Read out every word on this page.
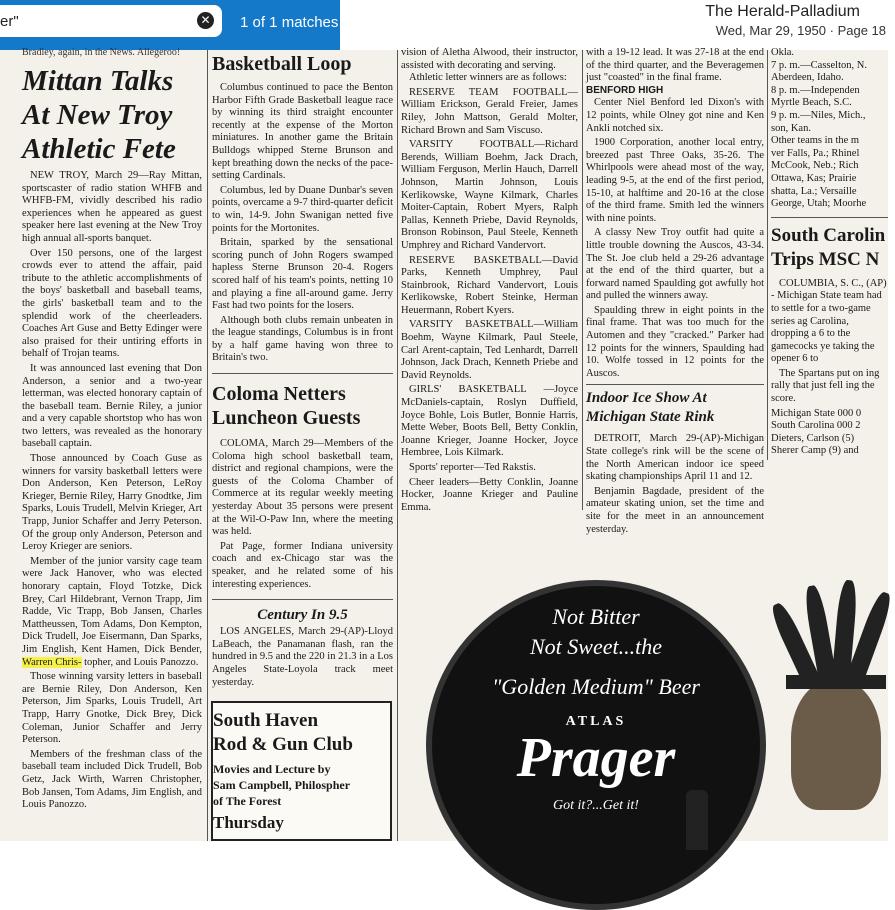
er"	✕ 1 of 1 matches
The Herald-Palladium
Wed, Mar 29, 1950 · Page 18
Bradley, again, in the News. Allegeroo!
Mittan Talks
At New Troy
Athletic Fete
NEW TROY, March 29—Ray Mittan, sportscaster of radio station WHFB and WHFB-FM, vividly described his radio experiences when he appeared as guest speaker here last evening at the New Troy high annual all-sports banquet.
Over 150 persons, one of the largest crowds ever to attend the affair, paid tribute to the athletic accomplishments of the boys' basketball and baseball teams, the girls' basketball team and to the splendid work of the cheerleaders. Coaches Art Guse and Betty Edinger were also praised for their untiring efforts in behalf of Trojan teams.
It was announced last evening that Don Anderson, a senior and a two-year letterman, was elected honorary captain of the baseball team. Bernie Riley, a junior and a very capable shortstop who has won two letters, was revealed as the honorary baseball captain.
Those announced by Coach Guse as winners for varsity basketball letters were Don Anderson, Ken Peterson, LeRoy Krieger, Bernie Riley, Harry Gnodtke, Jim Sparks, Louis Trudell, Melvin Krieger, Art Trapp, Junior Schaffer and Jerry Peterson. Of the group only Anderson, Peterson and Leroy Krieger are seniors.
Member of the junior varsity cage team were Jack Hanover, who was elected honorary captain, Floyd Totzke, Dick Brey, Carl Hildebrant, Vernon Trapp, Jim Radde, Vic Trapp, Bob Jansen, Charles Mattheussen, Tom Adams, Don Kempton, Dick Trudell, Joe Eisermann, Dan Sparks, Jim English, Kent Hamen, Dick Bender, Warren Chris- topher, and Louis Panozzo.
Those winning varsity letters in baseball are Bernie Riley, Don Anderson, Ken Peterson, Jim Sparks, Louis Trudell, Art Trapp, Harry Gnotke, Dick Brey, Dick Coleman, Junior Schaffer and Jerry Peterson.
Members of the freshman class of the baseball team included Dick Trudell, Bob Getz, Jack Wirth, Warren Christopher, Bob Jansen, Tom Adams, Jim English, and Louis Panozzo.
Basketball Loop
Columbus continued to pace the Benton Harbor Fifth Grade Basketball league race by winning its third straight encounter recently at the expense of the Morton miniatures. In another game the Britain Bulldogs whipped Sterne Brunson and kept breathing down the necks of the pace-setting Cardinals.
Columbus, led by Duane Dunbar's seven points, overcame a 9-7 third-quarter deficit to win, 14-9. John Swanigan netted five points for the Mortonites.
Britain, sparked by the sensational scoring punch of John Rogers swamped hapless Sterne Brunson 20-4. Rogers scored half of his team's points, netting 10 and playing a fine all-around game. Jerry Fast had two points for the losers.
Although both clubs remain unbeaten in the league standings, Columbus is in front by a half game having won three to Britain's two.
Coloma Netters
Luncheon Guests
COLOMA, March 29—Members of the Coloma high school basketball team, district and regional champions, were the guests of the Coloma Chamber of Commerce at its regular weekly meeting yesterday About 35 persons were present at the Wil-O-Paw Inn, where the meeting was held.
Pat Page, former Indiana university coach and ex-Chicago star was the speaker, and he related some of his interesting experiences.
Century In 9.5
LOS ANGELES, March 29-(AP)-Lloyd LaBeach, the Panamanan flash, ran the hundred in 9.5 and the 220 in 21.3 in a Los Angeles State-Loyola track meet yesterday.
South Haven
Rod & Gun Club
Movies and Lecture by
Sam Campbell, Philospher
of The Forest
Thursday
vision of Aletha Alwood, their instructor, assisted with decorating and serving.
Athletic letter winners are as follows:
RESERVE TEAM FOOTBALL—William Erickson, Gerald Freier, James Riley, John Mattson, Gerald Molter, Richard Brown and Sam Viscuso.
VARSITY FOOTBALL—Richard Berends, William Boehm, Jack Drach, William Ferguson, Merlin Hauch, Darrell Johnson, Martin Johnson, Louis Kerlikowske, Wayne Kilmark, Charles Moiter-Captain, Robert Myers, Ralph Pallas, Kenneth Priebe, David Reynolds, Bronson Robinson, Paul Steele, Kenneth Umphrey and Richard Vandervort.
RESERVE BASKETBALL—David Parks, Kenneth Umphrey, Paul Stainbrook, Richard Vandervort, Louis Kerlikowske, Robert Steinke, Herman Heuermann, Robert Kyers.
VARSITY BASKETBALL—William Boehm, Wayne Kilmark, Paul Steele, Carl Arent-captain, Ted Lenhardt, Darrell Johnson, Jack Drach, Kenneth Priebe and David Reynolds.
GIRLS' BASKETBALL —Joyce McDaniels-captain, Roslyn Duffield, Joyce Bohle, Lois Butler, Bonnie Harris, Mette Weber, Boots Bell, Betty Conklin, Joanne Krieger, Joanne Hocker, Joyce Hembree, Lois Kilmark.
Sports' reporter—Ted Rakstis.
Cheer leaders—Betty Conklin, Joanne Hocker, Joanne Krieger and Pauline Emma.
with a 19-12 lead. It was 27-18 at the end of the third quarter, and the Beveragemen just "coasted" in the final frame.
BENFORD HIGH
Center Niel Benford led Dixon's with 12 points, while Olney got nine and Ken Ankli notched six.
1900 Corporation, another local entry, breezed past Three Oaks, 35-26. The Whirlpools were ahead most of the way, leading 9-5, at the end of the first period, 15-10, at halftime and 20-16 at the close of the third frame. Smith led the winners with nine points.
A classy New Troy outfit had quite a little trouble downing the Auscos, 43-34. The St. Joe club held a 29-26 advantage at the end of the third quarter, but a forward named Spaulding got awfully hot and pulled the winners away.
Spaulding threw in eight points in the final frame. That was too much for the Automen and they "cracked." Parker had 12 points for the winners, Spaulding had 10. Wolfe tossed in 12 points for the Auscos.
Indoor Ice Show At
Michigan State Rink
DETROIT, March 29-(AP)-Michigan State college's rink will be the scene of the North American indoor ice speed skating championships April 11 and 12.
Benjamin Bagdade, president of the amateur skating union, set the time and site for the meet in an announcement yesterday.
Okla.
7 p. m.—Casselton, N.
Aberdeen, Idaho.
8 p. m.—Independen
Myrtle Beach, S.C.
9 p. m.—Niles, Mich.,
son, Kan.
Other teams in the m
ver Falls, Pa.; Rhinel
McCook, Neb.; Rich
Ottawa, Kas; Prairie
shatta, La.; Versaille
George, Utah; Moorhe
South Carolin
Trips MSC N
COLUMBIA, S. C., (AP) - Michigan State team had to settle for a two-game series ag Carolina, dropping a 6 to the gamecocks ye taking the opener 6 to
The Spartans put on ing rally that just fell ing the score.
Michigan State 000 0
South Carolina 000 2
Dieters, Carlson (5)
Sherer Camp (9) and
Not Bitter
Not Sweet...the
"Golden Medium" Beer
ATLAS
Prager
Got it?...Get it!
